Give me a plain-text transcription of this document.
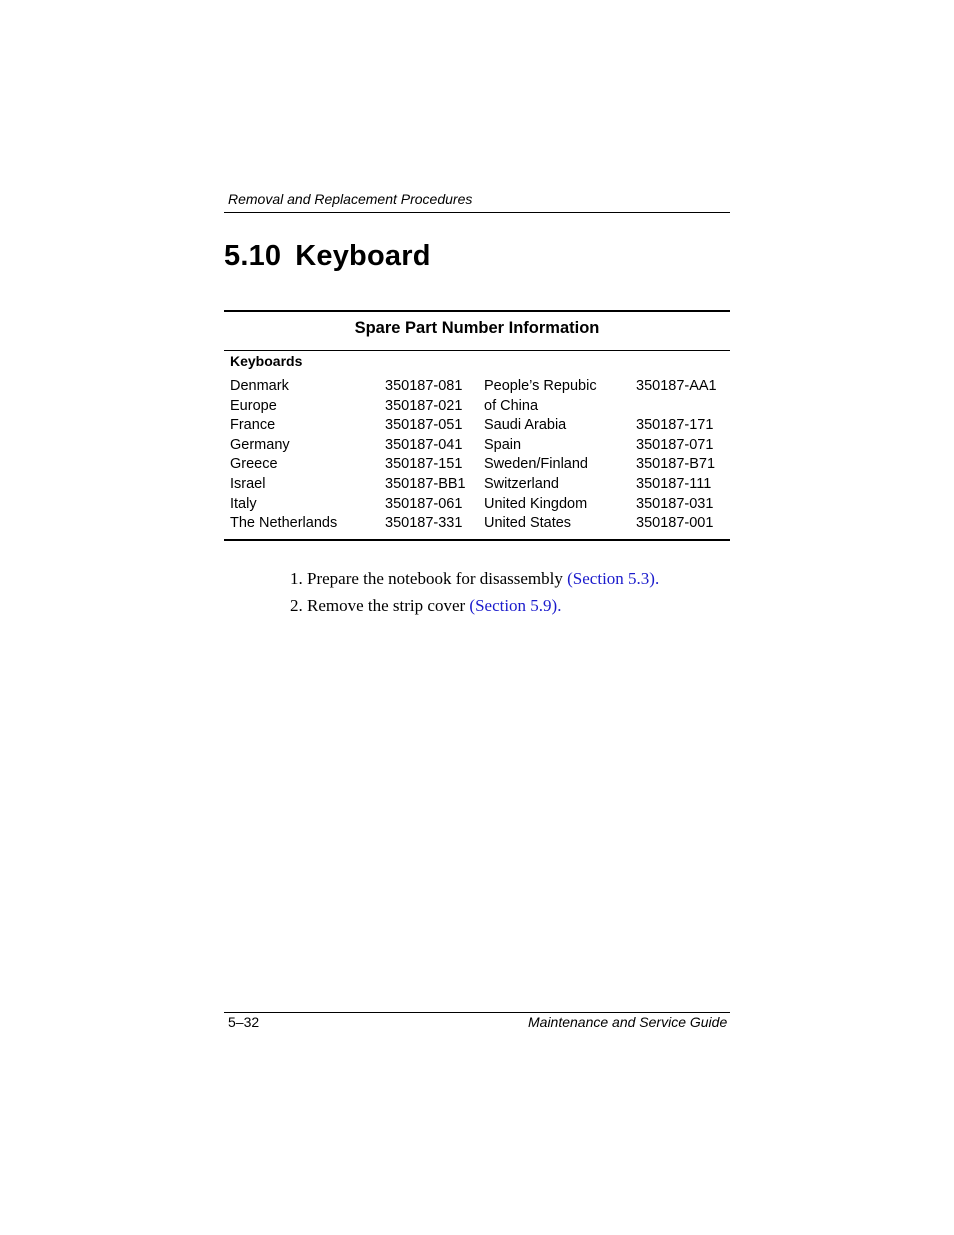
Removal and Replacement Procedures
5.10 Keyboard
Spare Part Number Information
Keyboards
Denmark	350187-081 People’s Repubic	350187-AA1
Europe	350187-021 of China
France	350187-051 Saudi Arabia	350187-171
Germany	350187-041 Spain	350187-071
Greece	350187-151 Sweden/Finland	350187-B71
Israel	350187-BB1 Switzerland	350187-111
Italy	350187-061 United Kingdom	350187-031
The Netherlands	350187-331 United States	350187-001
1. Prepare the notebook for disassembly (Section 5.3).
2. Remove the strip cover (Section 5.9).
5–32	Maintenance and Service Guide
